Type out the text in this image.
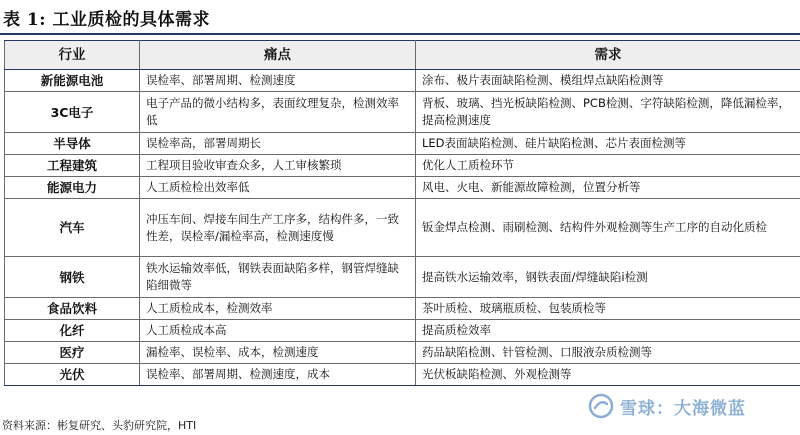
表 1: 工业质检的具体需求
行业	痛点	需求
新能源电池	误检率、部署周期、检测速度	涂布、极片表面缺陷检测、模组焊点缺陷检测等
3C电子	电子产品的微小结构多，表面纹理复杂，检测效率低	背板、玻璃、挡光板缺陷检测、PCB检测、字符缺陷检测，降低漏检率，提高检测速度
半导体	误检率高，部署周期长	LED表面缺陷检测、硅片缺陷检测、芯片表面检测等
工程建筑	工程项目验收审查众多，人工审核繁琐	优化人工质检环节
能源电力	人工质检检出效率低	风电、火电、新能源故障检测，位置分析等
汽车	冲压车间、焊接车间生产工序多，结构件多，一致性差，误检率/漏检率高，检测速度慢	钣金焊点检测、雨刷检测、结构件外观检测等生产工序的自动化质检
钢铁	铁水运输效率低，钢铁表面缺陷多样，钢管焊缝缺陷细微等	提高铁水运输效率，钢铁表面/焊缝缺陷i检测
食品饮料	人工质检成本，检测效率	茶叶质检、玻璃瓶质检、包装质检等
化纤	人工质检成本高	提高质检效率
医疗	漏检率、误检率、成本，检测速度	药品缺陷检测、针管检测、口服液杂质检测等
光伏	误检率、部署周期、检测速度，成本	光伏板缺陷检测、外观检测等
资料来源：彬复研究、头豹研究院，HTI
雪球：大海微蓝
